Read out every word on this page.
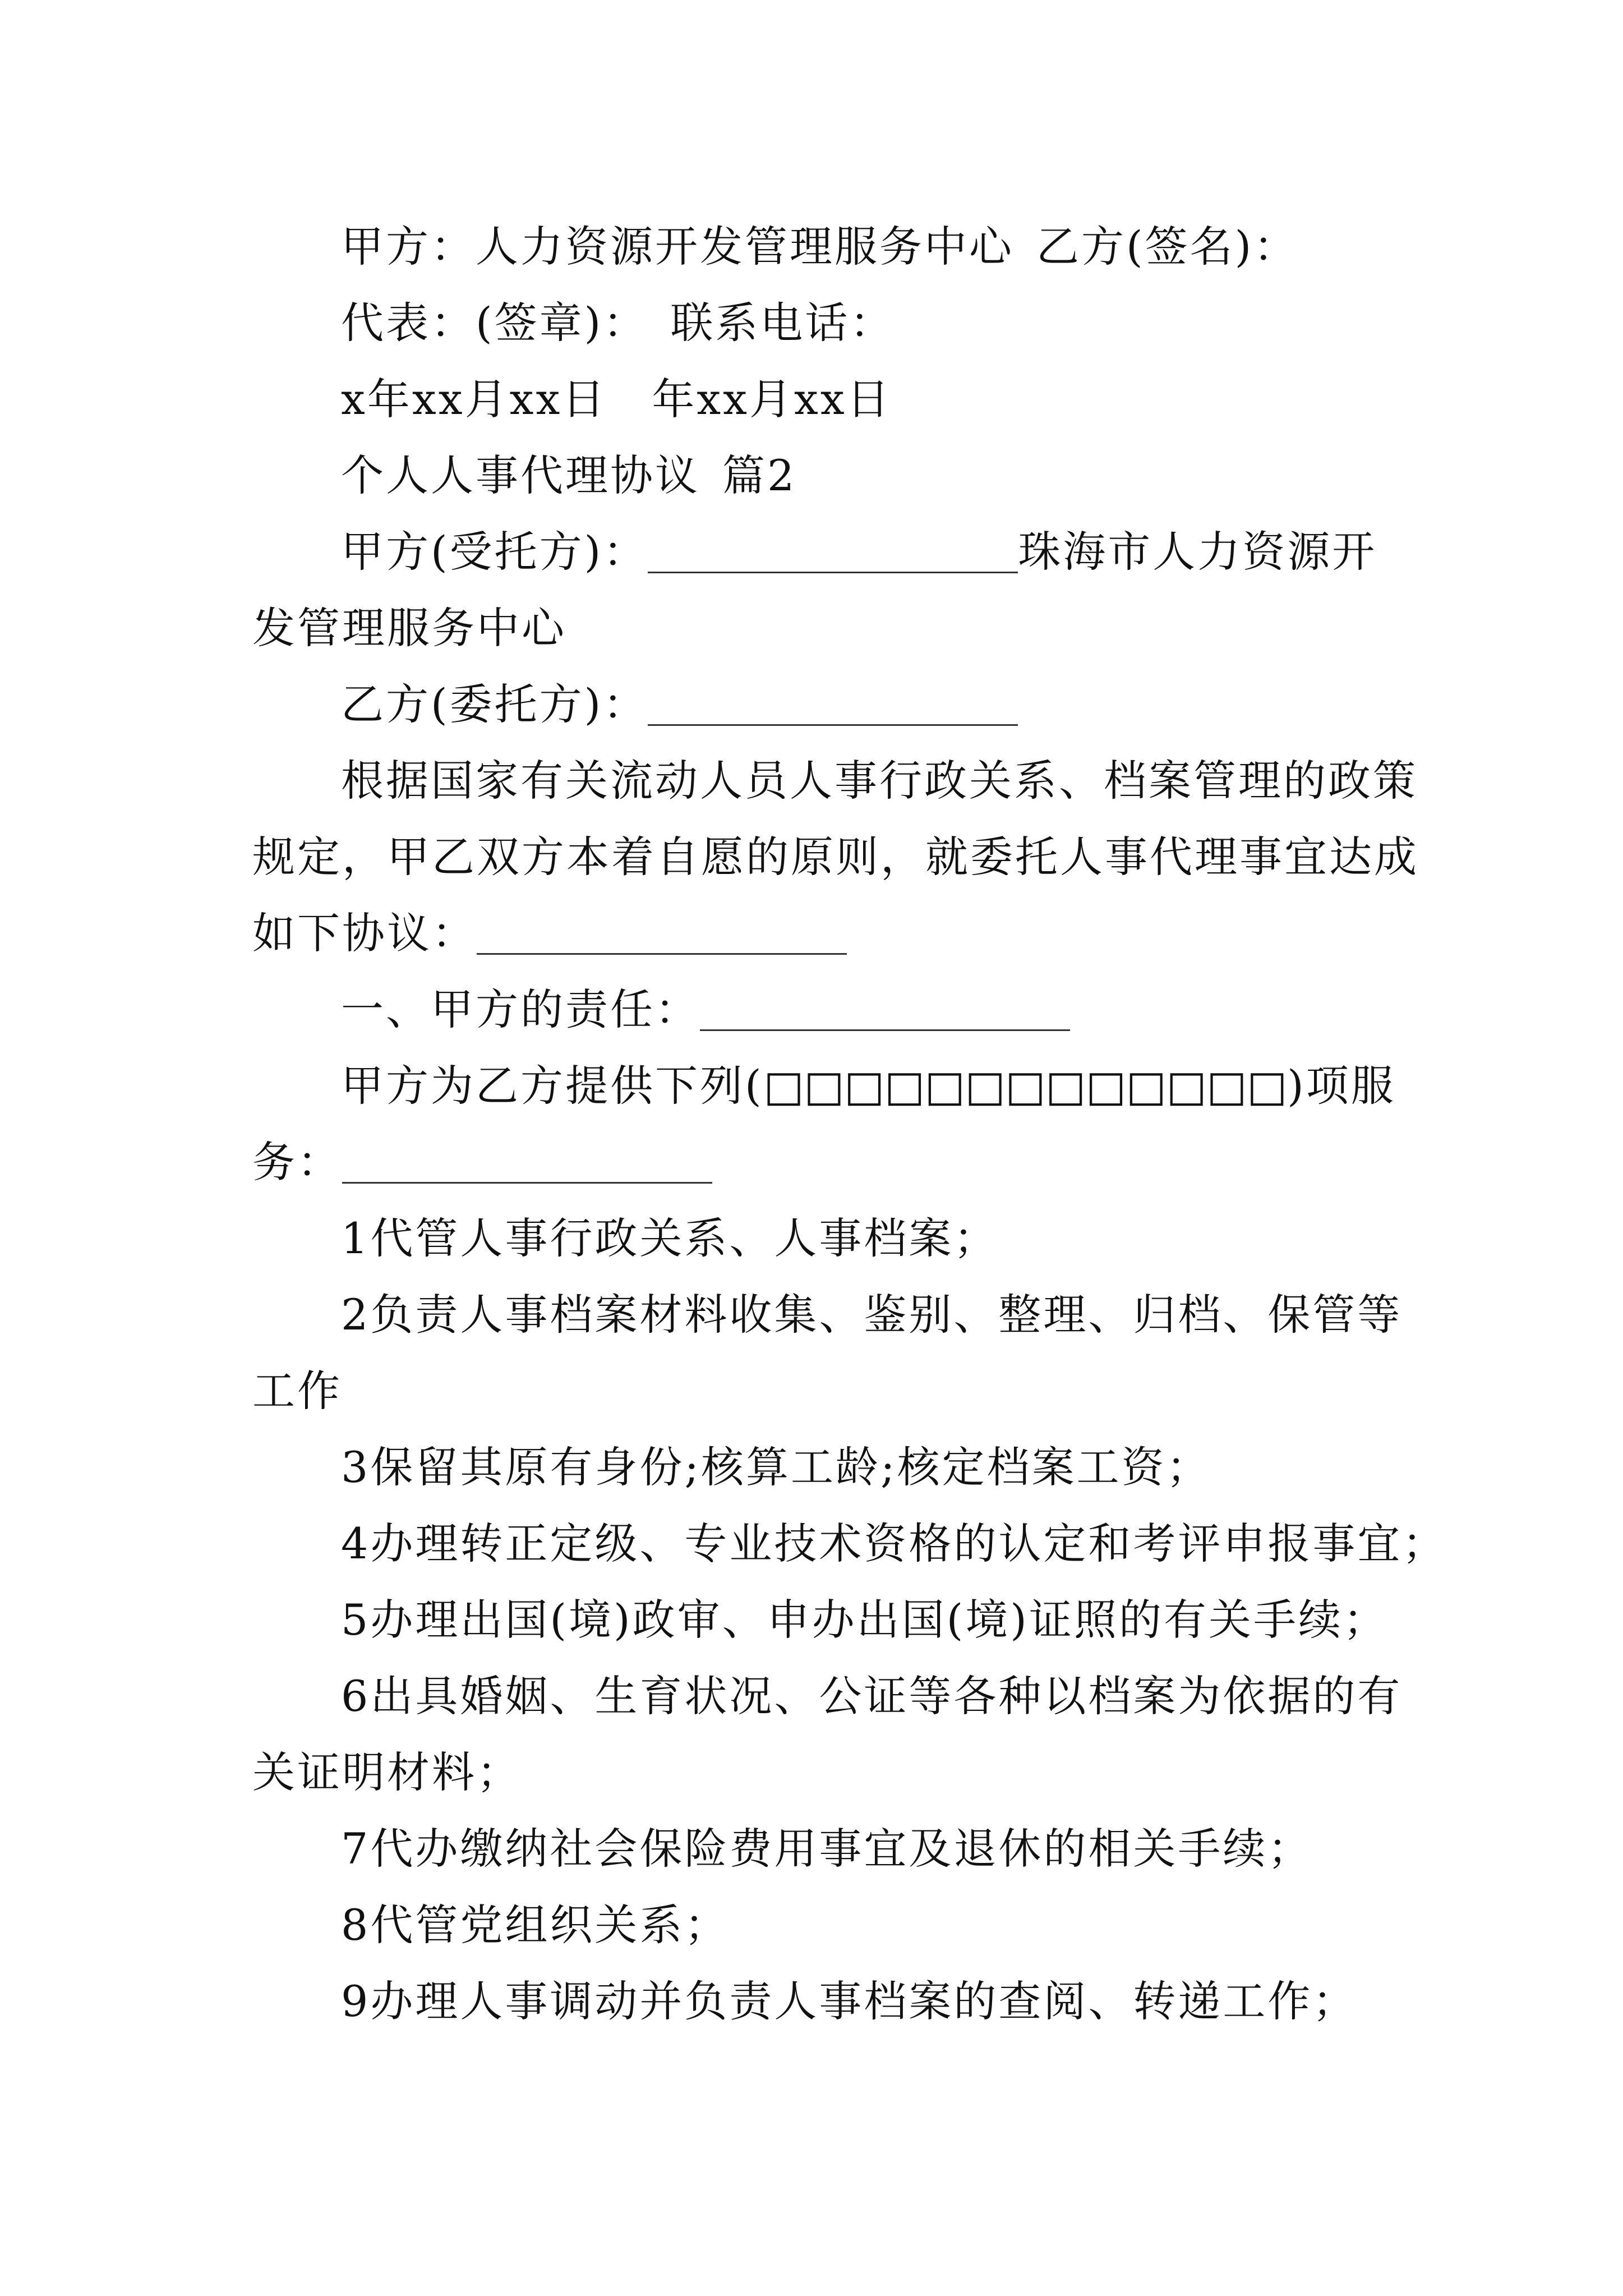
甲方：人力资源开发管理服务中心 乙方(签名)：

代表：(签章)： 联系电话：

x年xx月xx日 年xx月xx日

个人人事代理协议 篇2

甲方(受托方)：	珠海市人力资源开

发管理服务中心

乙方(委托方)：

根据国家有关流动人员人事行政关系、档案管理的政策

规定，甲乙双方本着自愿的原则，就委托人事代理事宜达成

如下协议：

一、甲方的责任：

甲方为乙方提供下列(□□□□□□□□□□□□□)项服

务：

1代管人事行政关系、人事档案；

2负责人事档案材料收集、鉴别、整理、归档、保管等

工作

3保留其原有身份;核算工龄;核定档案工资；

4办理转正定级、专业技术资格的认定和考评申报事宜；

5办理出国(境)政审、申办出国(境)证照的有关手续；

6出具婚姻、生育状况、公证等各种以档案为依据的有

关证明材料；

7代办缴纳社会保险费用事宜及退休的相关手续；

8代管党组织关系；

9办理人事调动并负责人事档案的查阅、转递工作；
